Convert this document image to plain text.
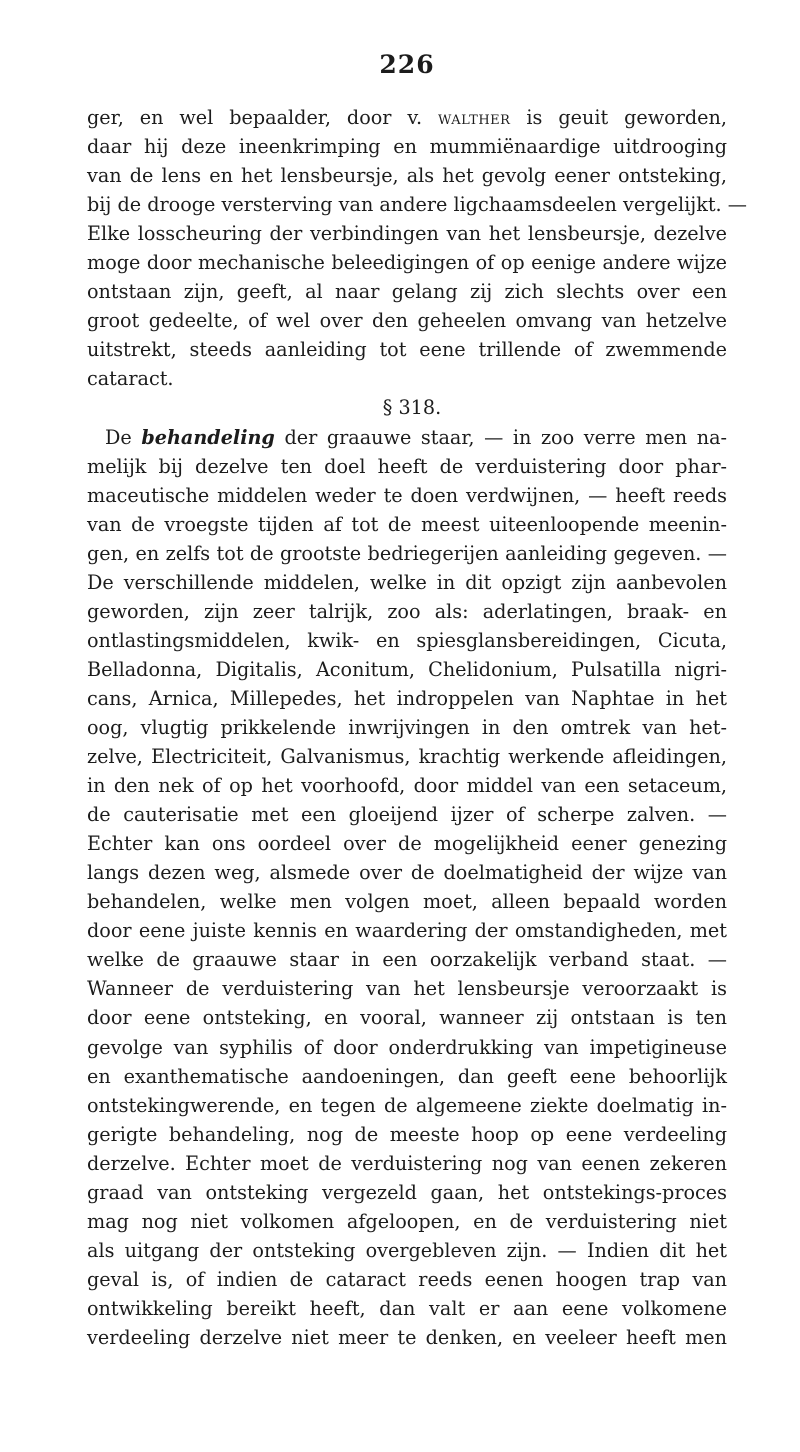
226
ger, en wel bepaalder, door v. walther is geuit geworden,
daar hij deze ineenkrimping en mummiënaardige uitdrooging
van de lens en het lensbeursje, als het gevolg eener ontsteking,
bij de drooge versterving van andere ligchaamsdeelen vergelijkt. —
Elke losscheuring der verbindingen van het lensbeursje, dezelve
moge door mechanische beleedigingen of op eenige andere wijze
ontstaan zijn, geeft, al naar gelang zij zich slechts over een
groot gedeelte, of wel over den geheelen omvang van hetzelve
uitstrekt, steeds aanleiding tot eene trillende of zwemmende
cataract.
§ 318.
De behandeling der graauwe staar, — in zoo verre men na-
melijk bij dezelve ten doel heeft de verduistering door phar-
maceutische middelen weder te doen verdwijnen, — heeft reeds
van de vroegste tijden af tot de meest uiteenloopende meenin-
gen, en zelfs tot de grootste bedriegerijen aanleiding gegeven. —
De verschillende middelen, welke in dit opzigt zijn aanbevolen
geworden, zijn zeer talrijk, zoo als: aderlatingen, braak- en
ontlastingsmiddelen, kwik- en spiesglansbereidingen, Cicuta,
Belladonna, Digitalis, Aconitum, Chelidonium, Pulsatilla nigri-
cans, Arnica, Millepedes, het indroppelen van Naphtae in het
oog, vlugtig prikkelende inwrijvingen in den omtrek van het-
zelve, Electriciteit, Galvanismus, krachtig werkende afleidingen,
in den nek of op het voorhoofd, door middel van een setaceum,
de cauterisatie met een gloeijend ijzer of scherpe zalven. —
Echter kan ons oordeel over de mogelijkheid eener genezing
langs dezen weg, alsmede over de doelmatigheid der wijze van
behandelen, welke men volgen moet, alleen bepaald worden
door eene juiste kennis en waardering der omstandigheden, met
welke de graauwe staar in een oorzakelijk verband staat. —
Wanneer de verduistering van het lensbeursje veroorzaakt is
door eene ontsteking, en vooral, wanneer zij ontstaan is ten
gevolge van syphilis of door onderdrukking van impetigineuse
en exanthematische aandoeningen, dan geeft eene behoorlijk
ontstekingwerende, en tegen de algemeene ziekte doelmatig in-
gerigte behandeling, nog de meeste hoop op eene verdeeling
derzelve. Echter moet de verduistering nog van eenen zekeren
graad van ontsteking vergezeld gaan, het ontstekings-proces
mag nog niet volkomen afgeloopen, en de verduistering niet
als uitgang der ontsteking overgebleven zijn. — Indien dit het
geval is, of indien de cataract reeds eenen hoogen trap van
ontwikkeling bereikt heeft, dan valt er aan eene volkomene
verdeeling derzelve niet meer te denken, en veeleer heeft men
